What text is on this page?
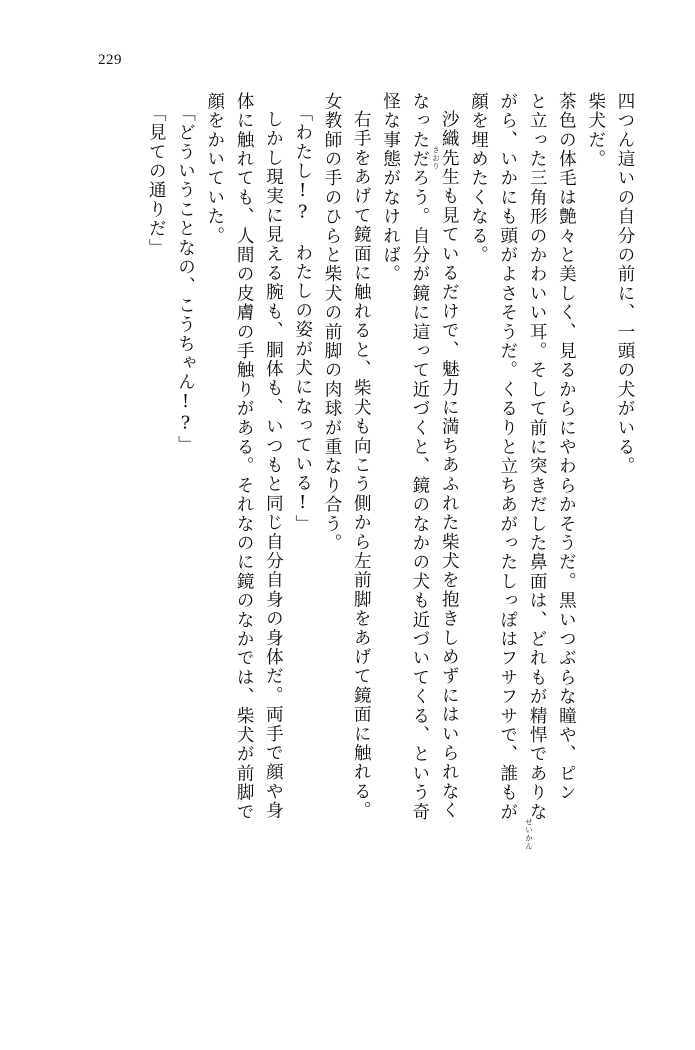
229
四つん這いの自分の前に、一頭の犬がいる。
柴犬だ。
茶色の体毛は艶々と美しく、見るからにやわらかそうだ。黒いつぶらな瞳や、ピン
と立った三角形のかわいい耳。そして前に突きだした鼻面は、どれもが精悍でありな
がら、いかにも頭がよさそうだ。くるりと立ちあがったしっぽはフサフサで、誰もが
顔を埋めたくなる。
沙織先生も見ているだけで、魅力に満ちあふれた柴犬を抱きしめずにはいられなく
なっただろう。自分が鏡に這って近づくと、鏡のなかの犬も近づいてくる、という奇
怪な事態がなければ。
右手をあげて鏡面に触れると、柴犬も向こう側から左前脚をあげて鏡面に触れる。
女教師の手のひらと柴犬の前脚の肉球が重なり合う。
「わたし!?　わたしの姿が犬になっている!」
しかし現実に見える腕も、胴体も、いつもと同じ自分自身の身体だ。両手で顔や身
体に触れても、人間の皮膚の手触りがある。それなのに鏡のなかでは、柴犬が前脚で
顔をかいていた。
「どういうことなの、こうちゃん!?」
「見ての通りだ」	さおり
せいかん
